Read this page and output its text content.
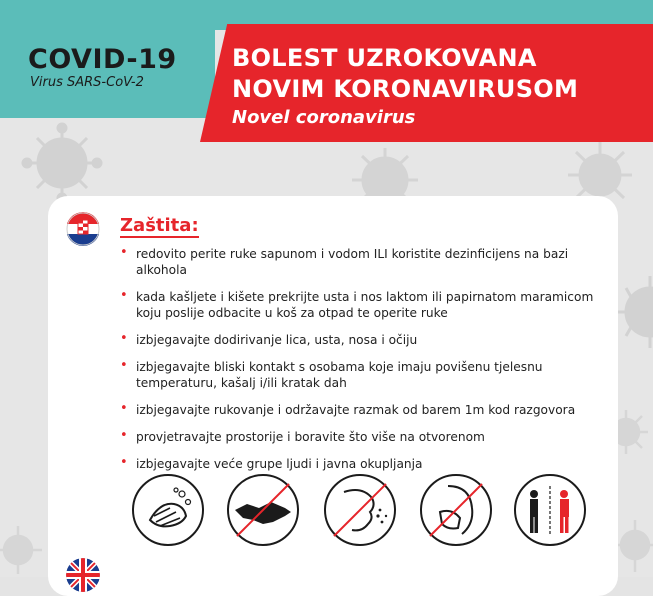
COVID-19
Virus SARS-CoV-2
BOLEST UZROKOVANA
NOVIM KORONAVIRUSOM
Novel coronavirus
Zaštita:
• redovito perite ruke sapunom i vodom ILI koristite dezinficijens na bazi alkohola
• kada kašljete i kišete prekrijte usta i nos laktom ili papirnatom maramicom koju poslije odbacite u koš za otpad te operite ruke
• izbjegavajte dodirivanje lica, usta, nosa i očiju
• izbjegavajte bliski kontakt s osobama koje imaju povišenu tjelesnu temperaturu, kašalj i/ili kratak dah
• izbjegavajte rukovanje i održavajte razmak od barem 1m kod razgovora
• provjetravajte prostorije i boravite što više na otvorenom
• izbjegavajte veće grupe ljudi i javna okupljanja
